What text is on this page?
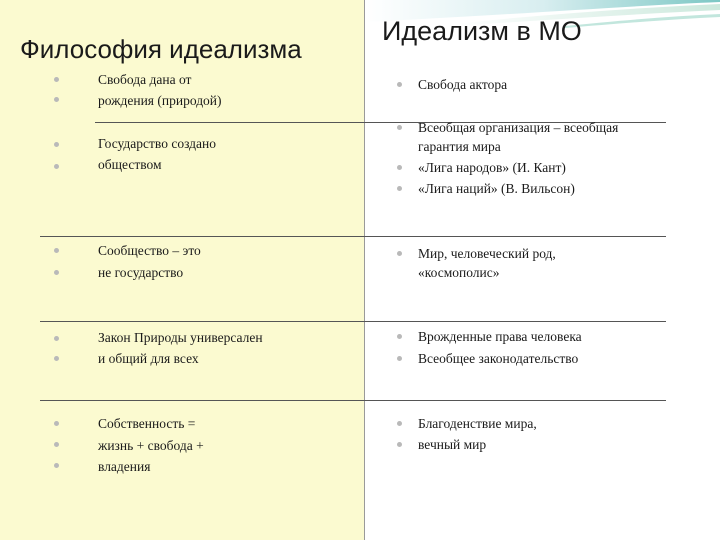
Философия идеализма
Идеализм в МО

Свобода дана от

рождения (природой)

Государство создано

обществом

Сообщество – это

не государство

Закон Природы универсален

и общий для всех

Собственность =

жизнь + свобода +

владения

Свобода актора

Всеобщая организация – всеобщая

гарантия мира

«Лига народов» (И. Кант)

«Лига наций» (В. Вильсон)

Мир, человеческий род,

«космополис»

Врожденные права человека

Всеобщее законодательство

Благоденствие мира,

вечный мир
